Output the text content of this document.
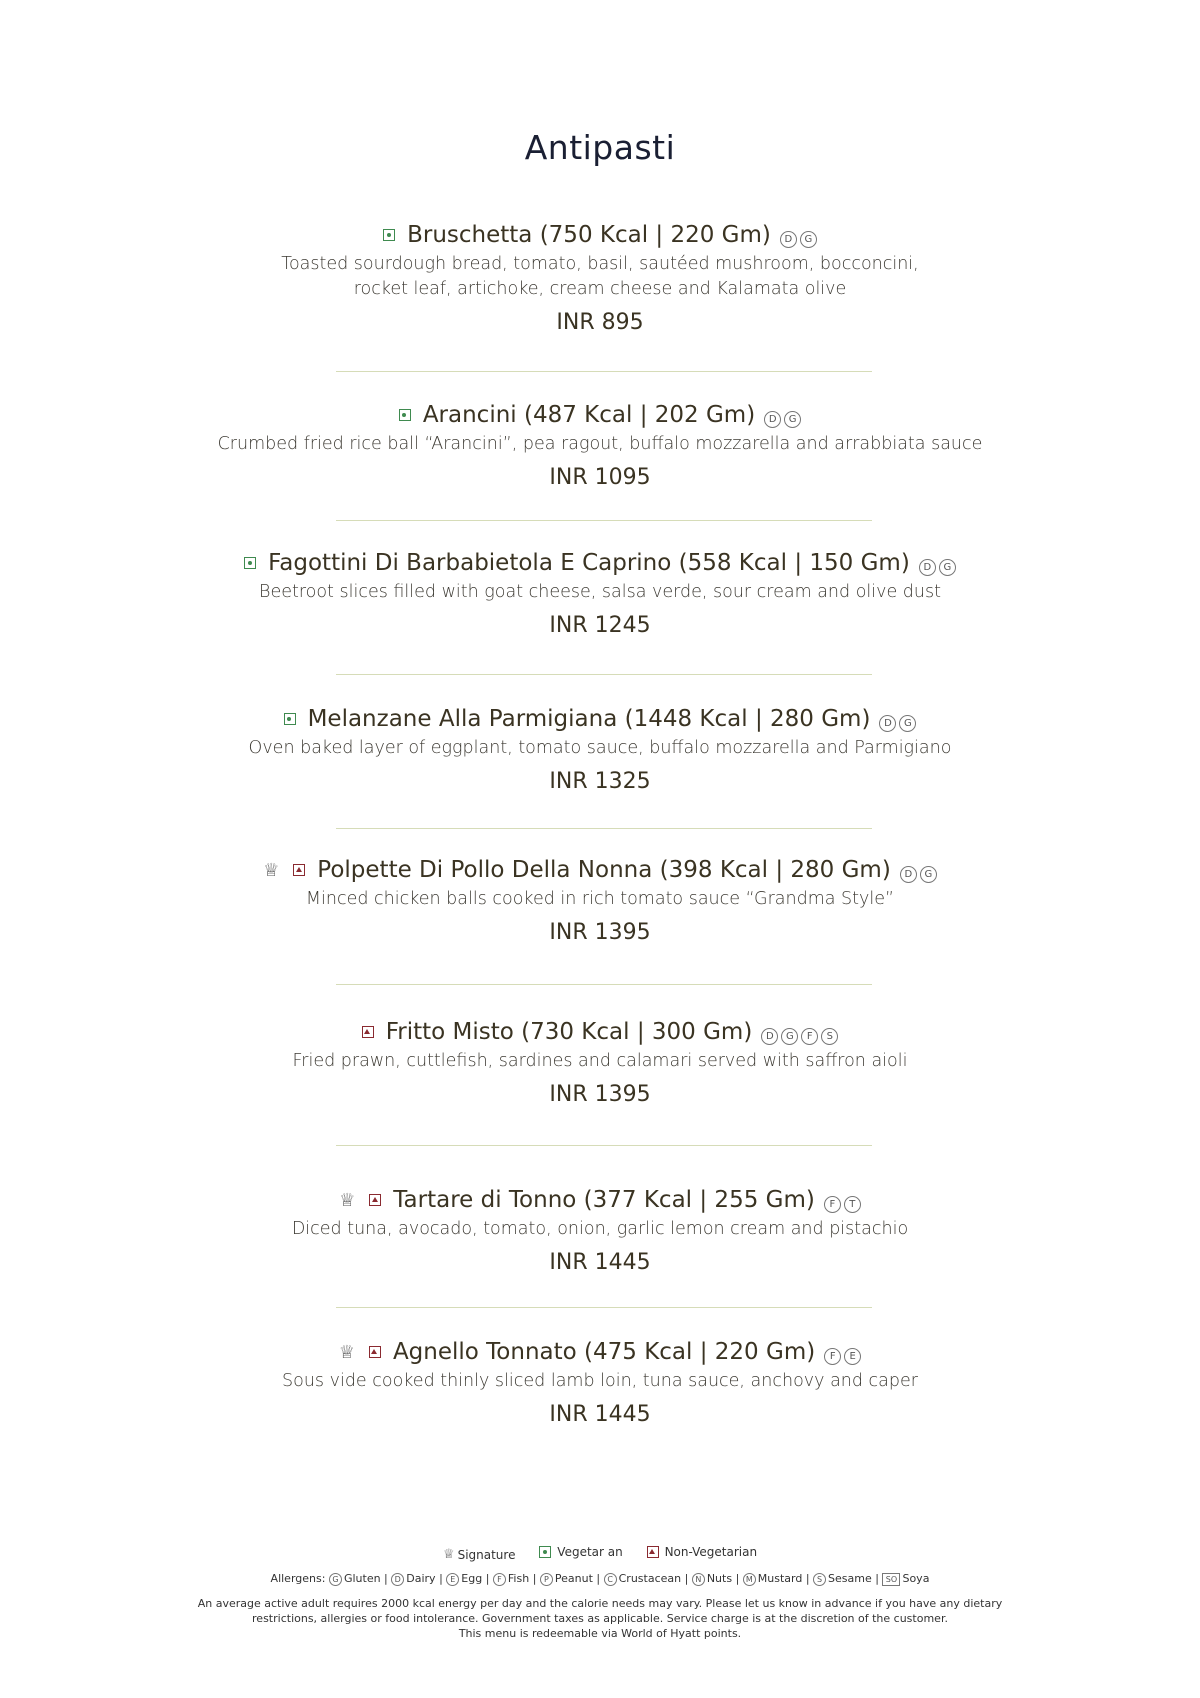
Antipasti
Bruschetta (750 Kcal | 220 Gm)	D G
Toasted sourdough bread, tomato, basil, sautéed mushroom, bocconcini,
rocket leaf, artichoke, cream cheese and Kalamata olive
INR 895
Arancini (487 Kcal | 202 Gm)	D G
Crumbed fried rice ball “Arancini”, pea ragout, buffalo mozzarella and arrabbiata sauce
INR 1095
Fagottini Di Barbabietola E Caprino (558 Kcal | 150 Gm)	D G
Beetroot slices filled with goat cheese, salsa verde, sour cream and olive dust
INR 1245
Melanzane Alla Parmigiana (1448 Kcal | 280 Gm)	D G
Oven baked layer of eggplant, tomato sauce, buffalo mozzarella and Parmigiano
INR 1325
♕ Polpette Di Pollo Della Nonna (398 Kcal | 280 Gm)	D G
Minced chicken balls cooked in rich tomato sauce “Grandma Style”
INR 1395
Fritto Misto (730 Kcal | 300 Gm)	D G F S
Fried prawn, cuttlefish, sardines and calamari served with saffron aioli
INR 1395
♕ Tartare di Tonno (377 Kcal | 255 Gm)	F T
Diced tuna, avocado, tomato, onion, garlic lemon cream and pistachio
INR 1445
♕ Agnello Tonnato (475 Kcal | 220 Gm)	F E
Sous vide cooked thinly sliced lamb loin, tuna sauce, anchovy and caper
INR 1445
♕ Signature
	Vegetar an
	Non-Vegetarian
Allergens: G Gluten | D Dairy | E Egg | F Fish | P Peanut | C Crustacean | N Nuts | M Mustard | S Sesame | SO Soya
An average active adult requires 2000 kcal energy per day and the calorie needs may vary. Please let us know in advance if you have any dietary
restrictions, allergies or food intolerance. Government taxes as applicable. Service charge is at the discretion of the customer.
This menu is redeemable via World of Hyatt points.
